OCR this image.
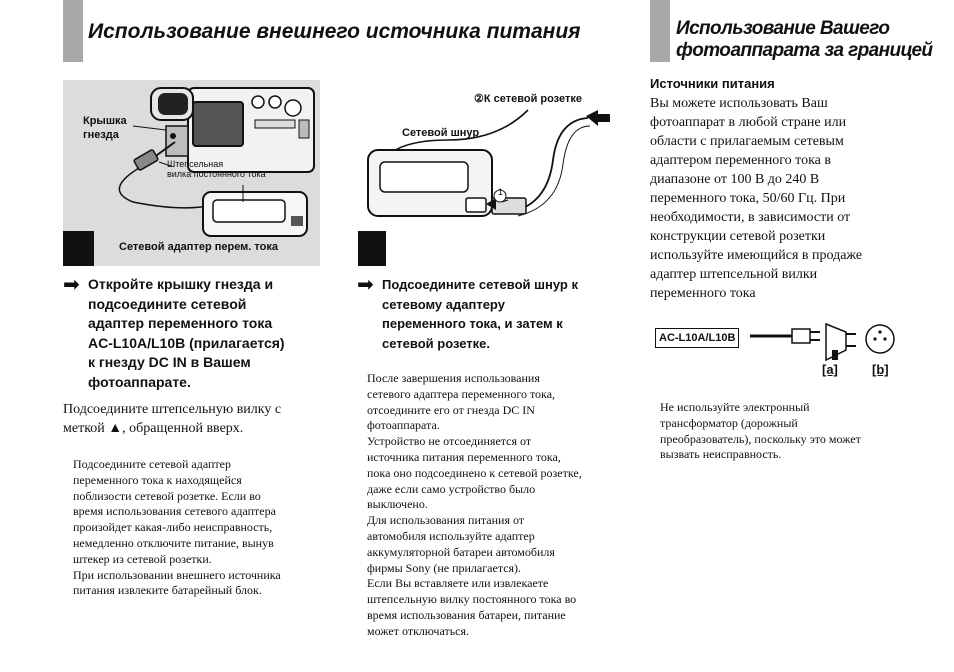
Использование внешнего источника питания
Крышка
гнезда
Штепсельная
вилка постоянного тока
Сетевой адаптер перем. тока
➡ Откройте крышку гнезда и
подсоедините сетевой
адаптер переменного тока
AC-L10A/L10B (прилагается)
к гнезду DC IN в Вашем
фотоаппарате.
Подсоедините штепсельную вилку с
меткой ▲, обращенной вверх.
Подсоедините сетевой адаптер
переменного тока к находящейся
поблизости сетевой розетке. Если во
время использования сетевого адаптера
произойдет какая-либо неисправность,
немедленно отключите питание, вынув
штекер из сетевой розетки.
При использовании внешнего источника
питания извлеките батарейный блок.
②К сетевой розетке
Сетевой шнур
1
➡ Подсоедините сетевой шнур к
сетевому адаптеру
переменного тока, и затем к
сетевой розетке.
После завершения использования
сетевого адаптера переменного тока,
отсоедините его от гнезда DC IN
фотоаппарата.
Устройство не отсоединяется от
источника питания переменного тока,
пока оно подсоединено к сетевой розетке,
даже если само устройство было
выключено.
Для использования питания от
автомобиля используйте адаптер
аккумуляторной батареи автомобиля
фирмы Sony (не прилагается).
Если Вы вставляете или извлекаете
штепсельную вилку постоянного тока во
время использования батареи, питание
может отключаться.
Использование Вашего
фотоаппарата за границей
Источники питания
Вы можете использовать Ваш
фотоаппарат в любой стране или
области с прилагаемым сетевым
адаптером переменного тока в
диапазоне от 100 В до 240 В
переменного тока, 50/60 Гц. При
необходимости, в зависимости от
конструкции сетевой розетки
используйте имеющийся в продаже
адаптер штепсельной вилки
переменного тока
AC-L10A/L10B
[a]	[b]
Не используйте электронный
трансформатор (дорожный
преобразователь), поскольку это может
вызвать неисправность.
